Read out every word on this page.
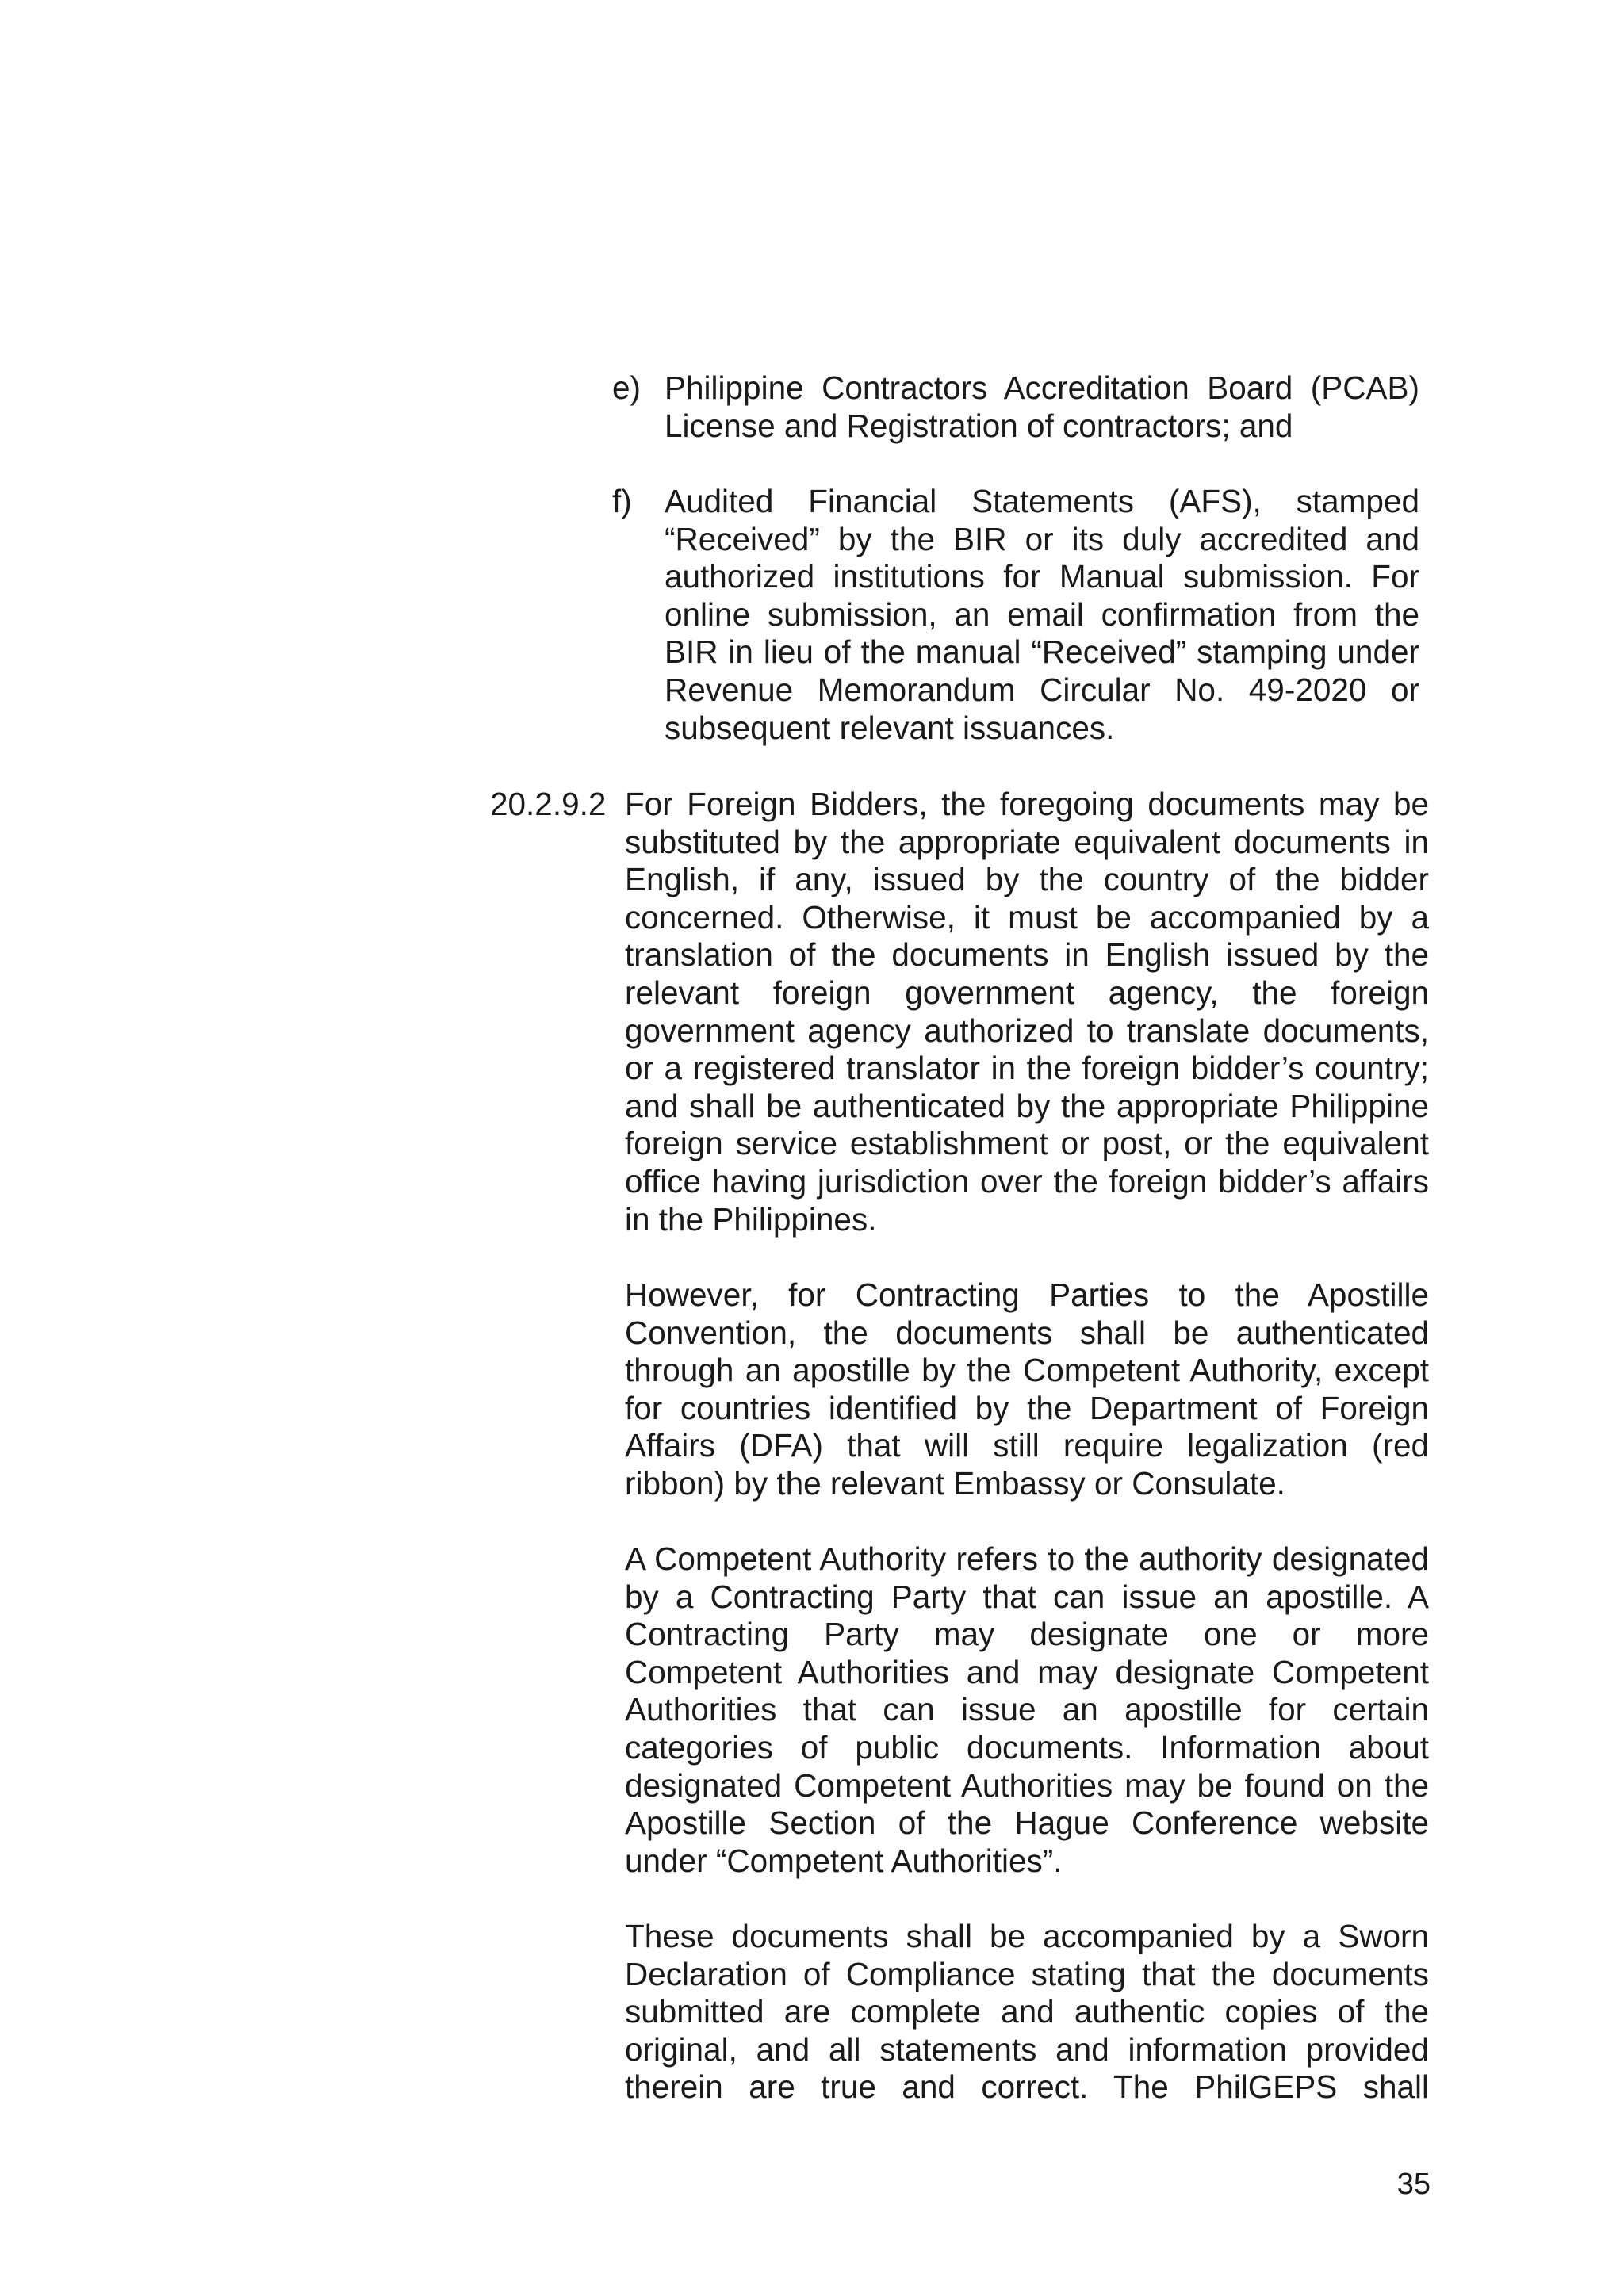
e) Philippine Contractors Accreditation Board (PCAB) License and Registration of contractors; and

f) Audited Financial Statements (AFS), stamped “Received” by the BIR or its duly accredited and authorized institutions for Manual submission. For online submission, an email confirmation from the BIR in lieu of the manual “Received” stamping under Revenue Memorandum Circular No. 49-2020 or subsequent relevant issuances.

20.2.9.2 For Foreign Bidders, the foregoing documents may be substituted by the appropriate equivalent documents in English, if any, issued by the country of the bidder concerned. Otherwise, it must be accompanied by a translation of the documents in English issued by the relevant foreign government agency, the foreign government agency authorized to translate documents, or a registered translator in the foreign bidder’s country; and shall be authenticated by the appropriate Philippine foreign service establishment or post, or the equivalent office having jurisdiction over the foreign bidder’s affairs in the Philippines.

However, for Contracting Parties to the Apostille Convention, the documents shall be authenticated through an apostille by the Competent Authority, except for countries identified by the Department of Foreign Affairs (DFA) that will still require legalization (red ribbon) by the relevant Embassy or Consulate.

A Competent Authority refers to the authority designated by a Contracting Party that can issue an apostille. A Contracting Party may designate one or more Competent Authorities and may designate Competent Authorities that can issue an apostille for certain categories of public documents. Information about designated Competent Authorities may be found on the Apostille Section of the Hague Conference website under “Competent Authorities”.

These documents shall be accompanied by a Sworn Declaration of Compliance stating that the documents submitted are complete and authentic copies of the original, and all statements and information provided therein are true and correct. The PhilGEPS shall

35
